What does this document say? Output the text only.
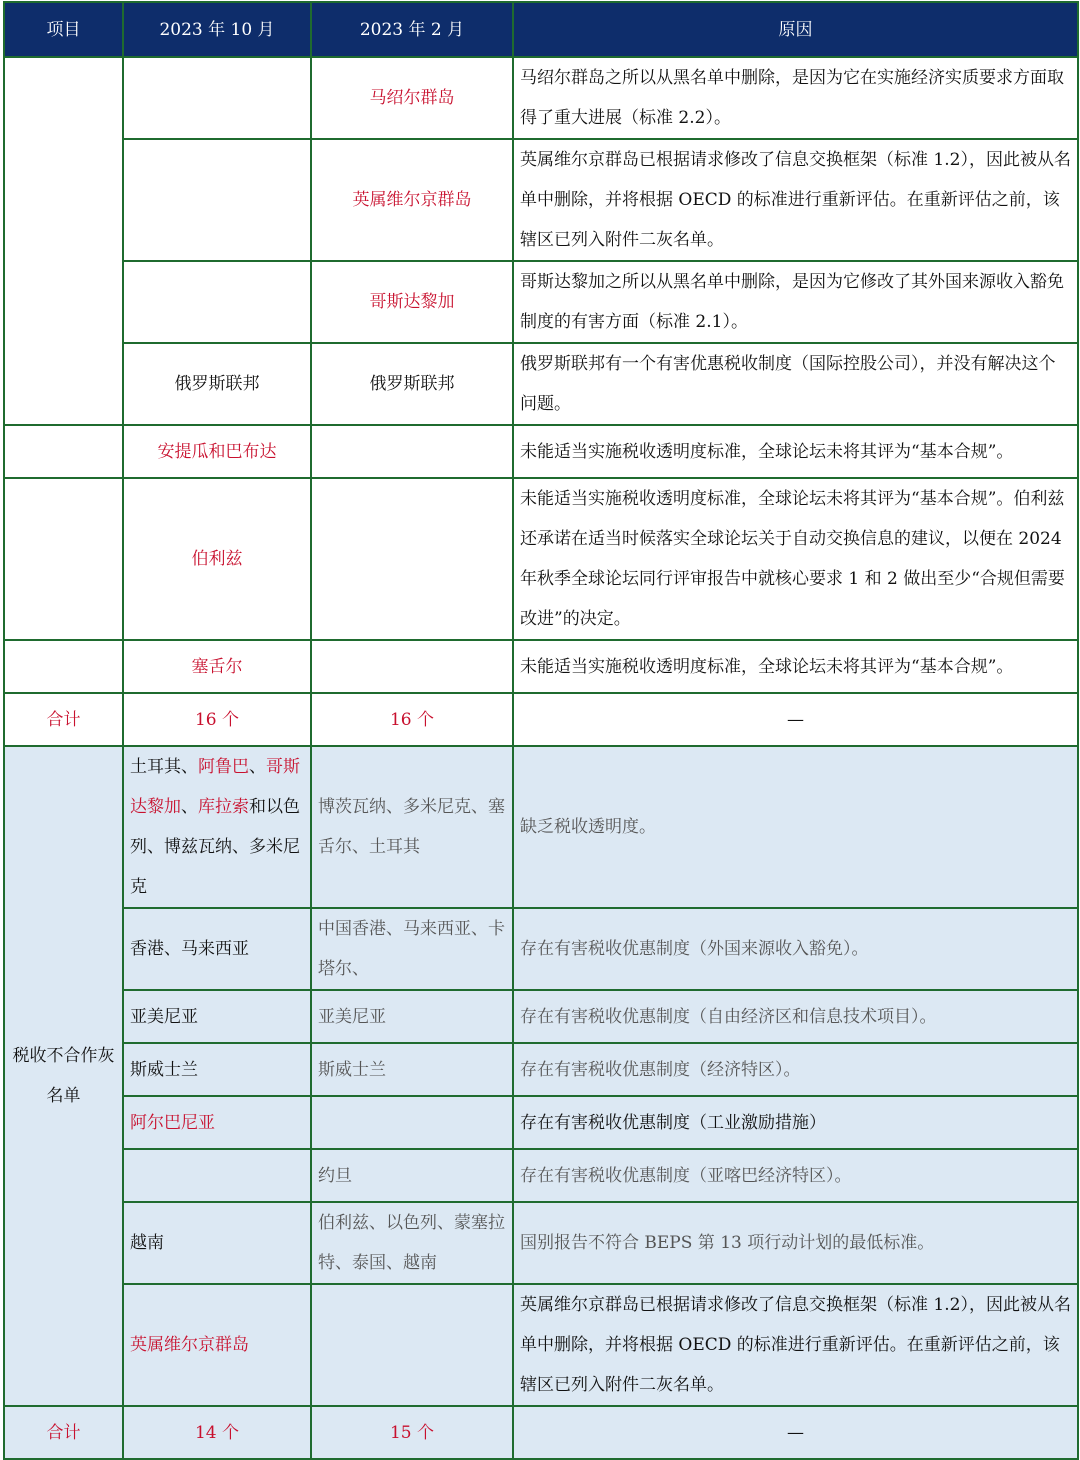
项目	2023 年 10 月	2023 年 2 月	原因
		马绍尔群岛	马绍尔群岛之所以从黑名单中删除，是因为它在实施经济实质要求方面取得了重大进展（标准 2.2）。
		英属维尔京群岛	英属维尔京群岛已根据请求修改了信息交换框架（标准 1.2），因此被从名单中删除，并将根据 OECD 的标准进行重新评估。在重新评估之前，该辖区已列入附件二灰名单。
		哥斯达黎加	哥斯达黎加之所以从黑名单中删除，是因为它修改了其外国来源收入豁免制度的有害方面（标准 2.1）。
	俄罗斯联邦	俄罗斯联邦	俄罗斯联邦有一个有害优惠税收制度（国际控股公司），并没有解决这个问题。
	安提瓜和巴布达		未能适当实施税收透明度标准，全球论坛未将其评为“基本合规”。
	伯利兹		未能适当实施税收透明度标准，全球论坛未将其评为“基本合规”。伯利兹还承诺在适当时候落实全球论坛关于自动交换信息的建议，以便在 2024 年秋季全球论坛同行评审报告中就核心要求 1 和 2 做出至少“合规但需要改进”的决定。
	塞舌尔		未能适当实施税收透明度标准，全球论坛未将其评为“基本合规”。
合计	16 个	16 个	—
税收不合作灰名单	土耳其、阿鲁巴、哥斯达黎加、库拉索和以色列、博兹瓦纳、多米尼克	博茨瓦纳、多米尼克、塞舌尔、土耳其	缺乏税收透明度。
	香港、马来西亚	中国香港、马来西亚、卡塔尔、	存在有害税收优惠制度（外国来源收入豁免）。
	亚美尼亚	亚美尼亚	存在有害税收优惠制度（自由经济区和信息技术项目）。
	斯威士兰	斯威士兰	存在有害税收优惠制度（经济特区）。
	阿尔巴尼亚		存在有害税收优惠制度（工业激励措施）
		约旦	存在有害税收优惠制度（亚喀巴经济特区）。
	越南	伯利兹、以色列、蒙塞拉特、泰国、越南	国别报告不符合 BEPS 第 13 项行动计划的最低标准。
	英属维尔京群岛		英属维尔京群岛已根据请求修改了信息交换框架（标准 1.2），因此被从名单中删除，并将根据 OECD 的标准进行重新评估。在重新评估之前，该辖区已列入附件二灰名单。
合计	14 个	15 个	—
